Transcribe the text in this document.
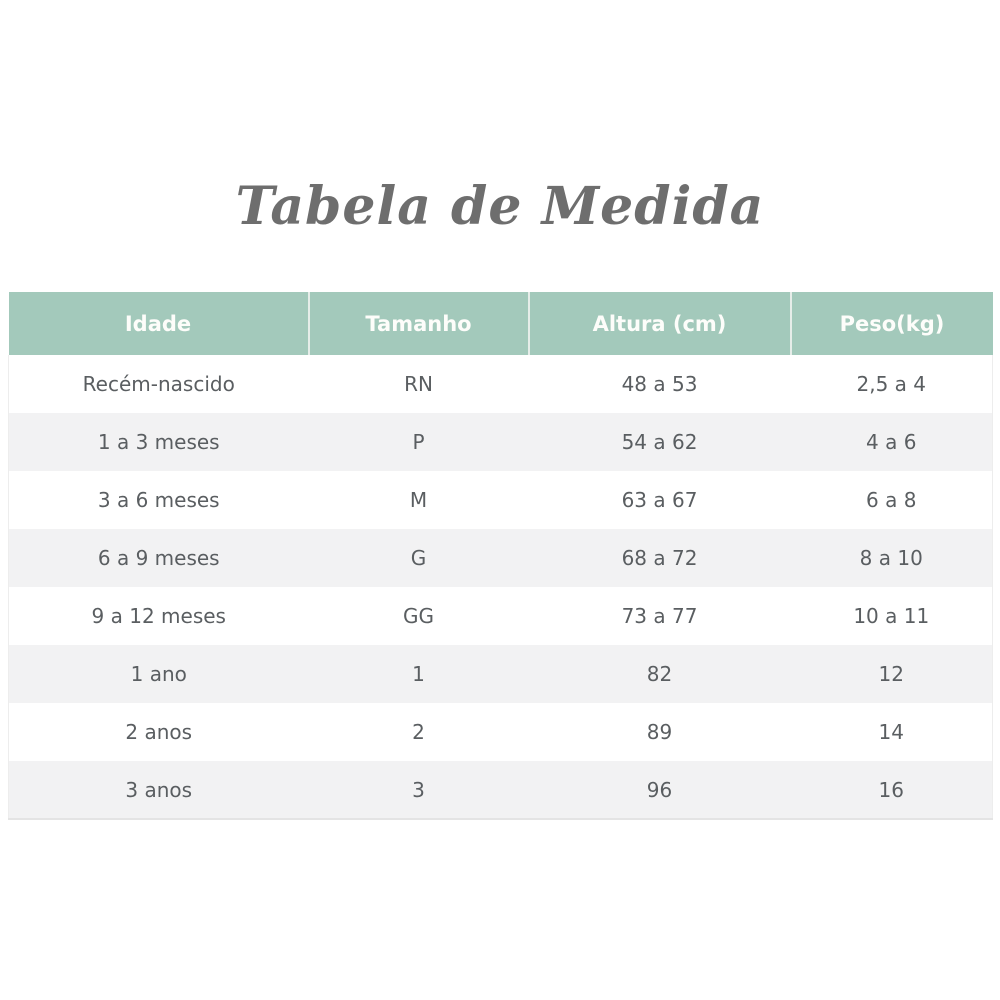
Tabela de Medida
Idade	Tamanho	Altura (cm)	Peso(kg)
Recém-nascido	RN	48 a 53	2,5 a 4
1 a 3 meses	P	54 a 62	4 a 6
3 a 6 meses	M	63 a 67	6 a 8
6 a 9 meses	G	68 a 72	8 a 10
9 a 12 meses	GG	73 a 77	10 a 11
1 ano	1	82	12
2 anos	2	89	14
3 anos	3	96	16
